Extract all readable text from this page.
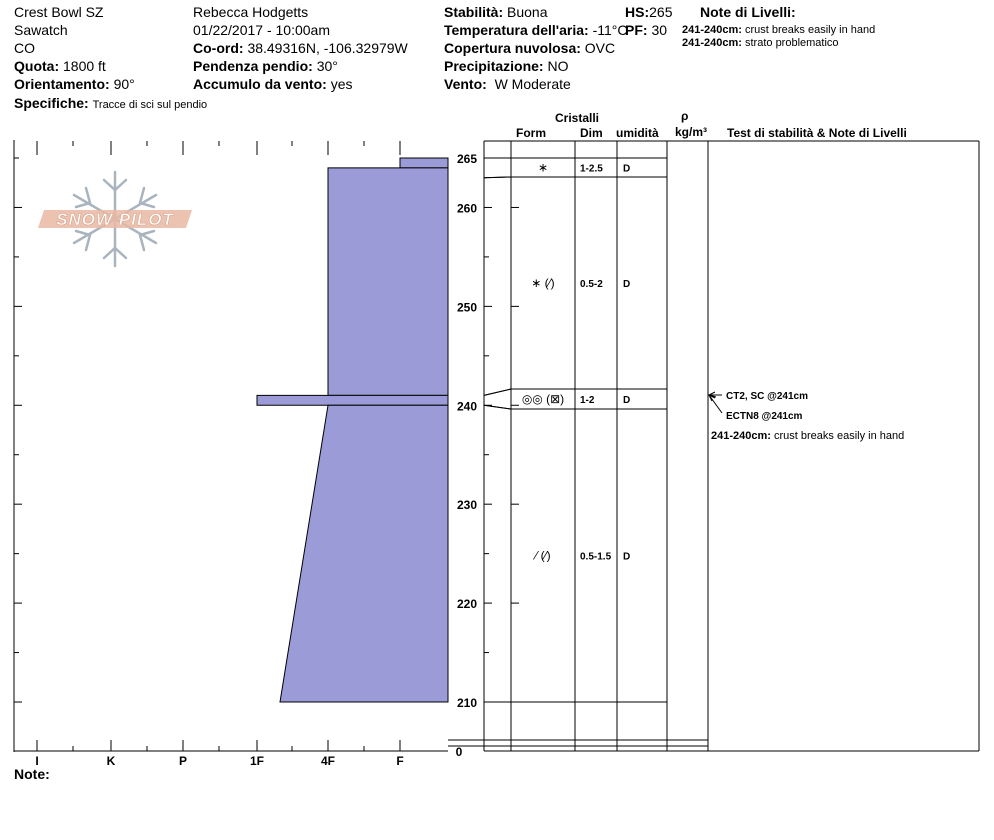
Crest Bowl SZ
Sawatch
CO
Quota: 1800 ft
Orientamento: 90°
Specifiche: Tracce di sci sul pendio
Rebecca Hodgetts
01/22/2017 - 10:00am
Co-ord: 38.49316N, -106.32979W
Pendenza pendio: 30°
Accumulo da vento: yes
Stabilità: Buona
Temperatura dell'aria: -11°C
Copertura nuvolosa: OVC
Precipitazione: NO
Vento: W Moderate
HS:265
PF: 30
Note di Livelli:
241-240cm: crust breaks easily in hand
241-240cm: strato problematico
Cristalli
Form	Dim umidità
ρ
kg/m³ Test di stabilità & Note di Livelli
Note:
SNOW PILOT
I	K	P	1F	4F	F
0
210
220
230
240
250
260
265
∗	1-2.5 D
∗ (⁄)	0.5-2 D
◎◎ (⊠) 1-2	D
⁄ (⁄)	0.5-1.5 D
CT2, SC @241cm
ECTN8 @241cm
241-240cm: crust breaks easily in hand
